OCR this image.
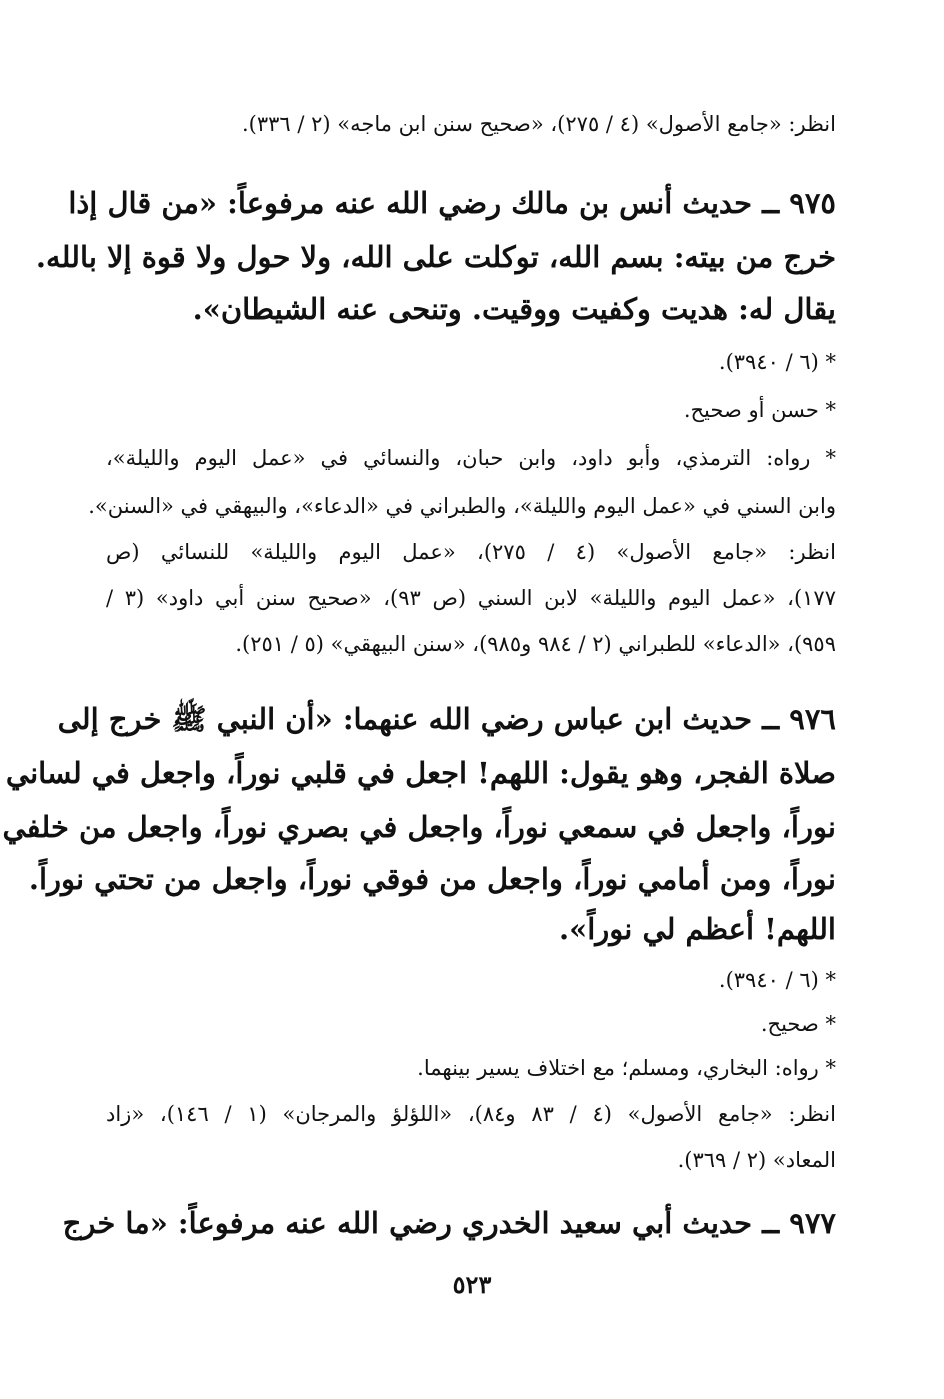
انظر: «جامع الأصول» (٤ / ٢٧٥)، «صحيح سنن ابن ماجه» (٢ / ٣٣٦).
٩٧٥ ــ حديث أنس بن مالك رضي الله عنه مرفوعاً: «من قال إذا
خرج من بيته: بسم الله، توكلت على الله، ولا حول ولا قوة إلا بالله.
يقال له: هديت وكفيت ووقيت. وتنحى عنه الشيطان».
* (٦ / ٣٩٤٠).
* حسن أو صحيح.
* رواه: الترمذي، وأبو داود، وابن حبان، والنسائي في «عمل اليوم والليلة»،
وابن السني في «عمل اليوم والليلة»، والطبراني في «الدعاء»، والبيهقي في «السنن».
انظر: «جامع الأصول» (٤ / ٢٧٥)، «عمل اليوم والليلة» للنسائي (ص
١٧٧)، «عمل اليوم والليلة» لابن السني (ص ٩٣)، «صحيح سنن أبي داود» (٣ /
٩٥٩)، «الدعاء» للطبراني (٢ / ٩٨٤ و٩٨٥)، «سنن البيهقي» (٥ / ٢٥١).
٩٧٦ ــ حديث ابن عباس رضي الله عنهما: «أن النبي ﷺ خرج إلى
صلاة الفجر، وهو يقول: اللهم! اجعل في قلبي نوراً، واجعل في لساني
نوراً، واجعل في سمعي نوراً، واجعل في بصري نوراً، واجعل من خلفي
نوراً، ومن أمامي نوراً، واجعل من فوقي نوراً، واجعل من تحتي نوراً.
اللهم! أعظم لي نوراً».
* (٦ / ٣٩٤٠).
* صحيح.
* رواه: البخاري، ومسلم؛ مع اختلاف يسير بينهما.
انظر: «جامع الأصول» (٤ / ٨٣ و٨٤)، «اللؤلؤ والمرجان» (١ / ١٤٦)، «زاد
المعاد» (٢ / ٣٦٩).
٩٧٧ ــ حديث أبي سعيد الخدري رضي الله عنه مرفوعاً: «ما خرج
٥٢٣
